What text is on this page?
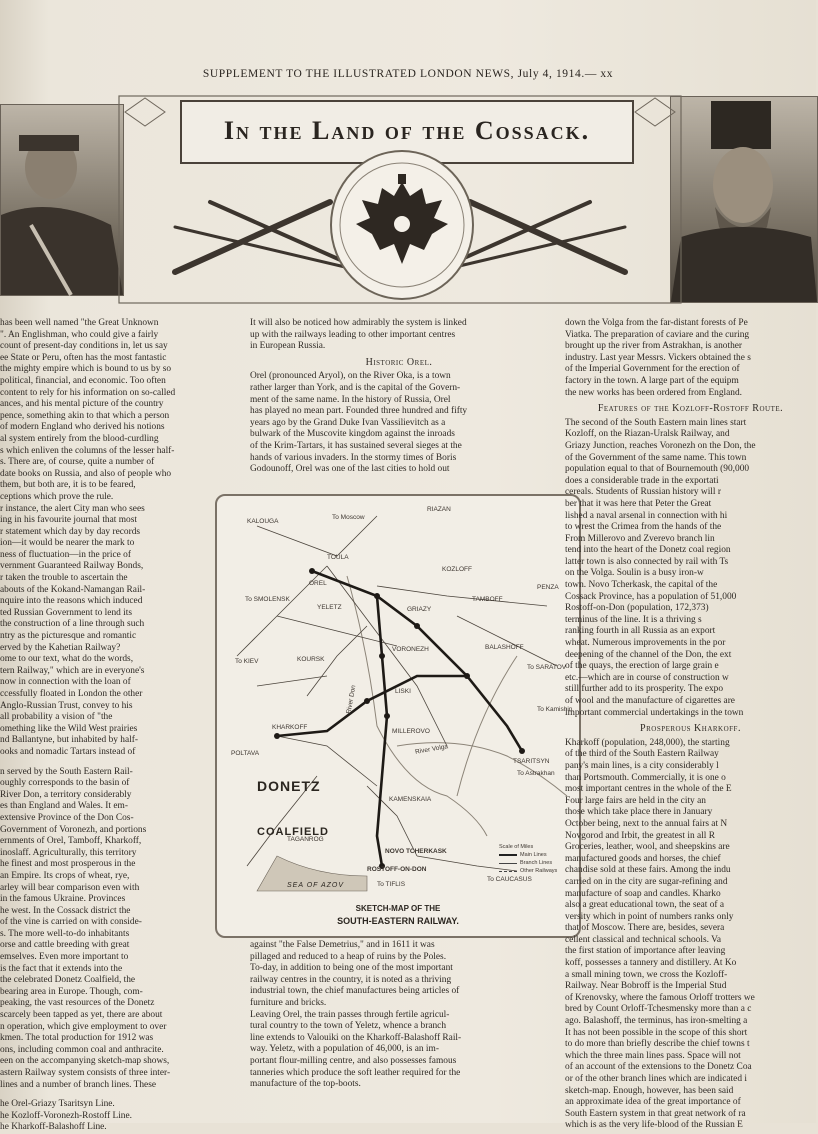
SUPPLEMENT TO THE ILLUSTRATED LONDON NEWS, July 4, 1914.— xx
In the Land of the Cossack.
has been well named "the Great Unknown
". An Englishman, who could give a fairly
count of present-day conditions in, let us say
ee State or Peru, often has the most fantastic
the mighty empire which is bound to us by so
political, financial, and economic. Too often
content to rely for his information on so-called
ances, and his mental picture of the country
pence, something akin to that which a person
of modern England who derived his notions
al system entirely from the blood-curdling
s which enliven the columns of the lesser half-
s. There are, of course, quite a number of
date books on Russia, and also of people who
them, but both are, it is to be feared,
ceptions which prove the rule.
r instance, the alert City man who sees
ing in his favourite journal that most
r statement which day by day records
ion—it would be nearer the mark to
ness of fluctuation—in the price of
vernment Guaranteed Railway Bonds,
r taken the trouble to ascertain the
abouts of the Kokand-Namangan Rail-
nquire into the reasons which induced
ted Russian Government to lend its
the construction of a line through such
ntry as the picturesque and romantic
erved by the Kahetian Railway?
ome to our text, what do the words,
tern Railway," which are in everyone's
now in connection with the loan of
ccessfully floated in London the other
Anglo-Russian Trust, convey to his
all probability a vision of "the
omething like the Wild West prairies
nd Ballantyne, but inhabited by half-
ooks and nomadic Tartars instead of
n served by the South Eastern Rail-
oughly corresponds to the basin of
River Don, a territory considerably
es than England and Wales. It em-
extensive Province of the Don Cos-
Government of Voronezh, and portions
ernments of Orel, Tamboff, Kharkoff,
inoslaff. Agriculturally, this territory
he finest and most prosperous in the
an Empire. Its crops of wheat, rye,
arley will bear comparison even with
in the famous Ukraine. Provinces
he west. In the Cossack district the
of the vine is carried on with conside-
s. The more well-to-do inhabitants
orse and cattle breeding with great
emselves. Even more important to
is the fact that it extends into the
the celebrated Donetz Coalfield, the
bearing area in Europe. Though, com-
peaking, the vast resources of the Donetz
scarcely been tapped as yet, there are about
n operation, which give employment to over
kmen. The total production for 1912 was
ons, including common coal and anthracite.
een on the accompanying sketch-map shows,
astern Railway system consists of three inter-
lines and a number of branch lines. These
he Orel-Griazy Tsaritsyn Line.
he Kozloff-Voronezh-Rostoff Line.
he Kharkoff-Balashoff Line.
It will also be noticed how admirably the system is linked
up with the railways leading to other important centres
in European Russia.
Historic Orel.
Orel (pronounced Aryol), on the River Oka, is a town
rather larger than York, and is the capital of the Govern-
ment of the same name. In the history of Russia, Orel
has played no mean part. Founded three hundred and fifty
years ago by the Grand Duke Ivan Vassilievitch as a
bulwark of the Muscovite kingdom against the inroads
of the Krim-Tartars, it has sustained several sieges at the
hands of various invaders. In the stormy times of Boris
Godounoff, Orel was one of the last cities to hold out
KALOUGA
To Moscow
RIAZAN
TOULA
To SMOLENSK
OREL
YELETZ	GRIAZY
TAMBOFF
PENZA
To KIEV	KOURSK
VORONEZH	BALASHOFF
To SARATOV
KHARKOFF
POLTAVA
LISKI
TSARITSYN
To Astrakhan
MILLEROVO
KAMENSKAIA
NOVO TCHERKASK
ROSTOFF-ON-DON
TAGANROG
To CAUCASUS
To TIFLIS
KOZLOFF
River Don
River Volga
To Kamishin
DONETZ
COALFIELD
SEA OF AZOV
Scale of Miles
Main Lines
Branch Lines
Other Railways
SKETCH-MAP OF THE
SOUTH-EASTERN RAILWAY.
against "the False Demetrius," and in 1611 it was
pillaged and reduced to a heap of ruins by the Poles.
To-day, in addition to being one of the most important
railway centres in the country, it is noted as a thriving
industrial town, the chief manufactures being articles of
furniture and bricks.
Leaving Orel, the train passes through fertile agricul-
tural country to the town of Yeletz, whence a branch
line extends to Valouiki on the Kharkoff-Balashoff Rail-
way. Yeletz, with a population of 46,000, is an im-
portant flour-milling centre, and also possesses famous
tanneries which produce the soft leather required for the
manufacture of the top-boots.
down the Volga from the far-distant forests of Pe
Viatka. The preparation of caviare and the curing
brought up the river from Astrakhan, is another
industry. Last year Messrs. Vickers obtained the s
of the Imperial Government for the erection of
factory in the town. A large part of the equipm
the new works has been ordered from England.
Features of the Kozloff-Rostoff Route.
The second of the South Eastern main lines start
Kozloff, on the Riazan-Uralsk Railway, and
Griazy Junction, reaches Voronezh on the Don, the
of the Government of the same name. This town
population equal to that of Bournemouth (90,000
does a considerable trade in the exportati
cereals. Students of Russian history will r
ber that it was here that Peter the Great
lished a naval arsenal in connection with hi
to wrest the Crimea from the hands of the
From Millerovo and Zverevo branch lin
tend into the heart of the Donetz coal region
latter town is also connected by rail with Ts
on the Volga. Soulin is a busy iron-w
town. Novo Tcherkask, the capital of the
Cossack Province, has a population of 51,000
Rostoff-on-Don (population, 172,373)
terminus of the line. It is a thriving s
ranking fourth in all Russia as an export
wheat. Numerous improvements in the por
deepening of the channel of the Don, the ext
of the quays, the erection of large grain e
etc.—which are in course of construction w
still further add to its prosperity. The expo
of wool and the manufacture of cigarettes are
important commercial undertakings in the town
Prosperous Kharkoff.
Kharkoff (population, 248,000), the starting
of the third of the South Eastern Railway
pany's main lines, is a city considerably l
than Portsmouth. Commercially, it is one o
most important centres in the whole of the E
Four large fairs are held in the city an
those which take place there in January
October being, next to the annual fairs at N
Novgorod and Irbit, the greatest in all R
Groceries, leather, wool, and sheepskins are
manufactured goods and horses, the chief
chandise sold at these fairs. Among the indu
carried on in the city are sugar-refining and
manufacture of soap and candles. Kharko
also a great educational town, the seat of a
versity which in point of numbers ranks only
that of Moscow. There are, besides, severa
cellent classical and technical schools. Va
the first station of importance after leaving
koff, possesses a tannery and distillery. At Ko
a small mining town, we cross the Kozloff-
Railway. Near Bobroff is the Imperial Stud
of Krenovsky, where the famous Orloff trotters we
bred by Count Orloff-Tchesmensky more than a c
ago. Balashoff, the terminus, has iron-smelting a
It has not been possible in the scope of this short
to do more than briefly describe the chief towns t
which the three main lines pass. Space will not
of an account of the extensions to the Donetz Coa
or of the other branch lines which are indicated i
sketch-map. Enough, however, has been said
an approximate idea of the great importance of
South Eastern system in that great network of ra
which is as the very life-blood of the Russian E
